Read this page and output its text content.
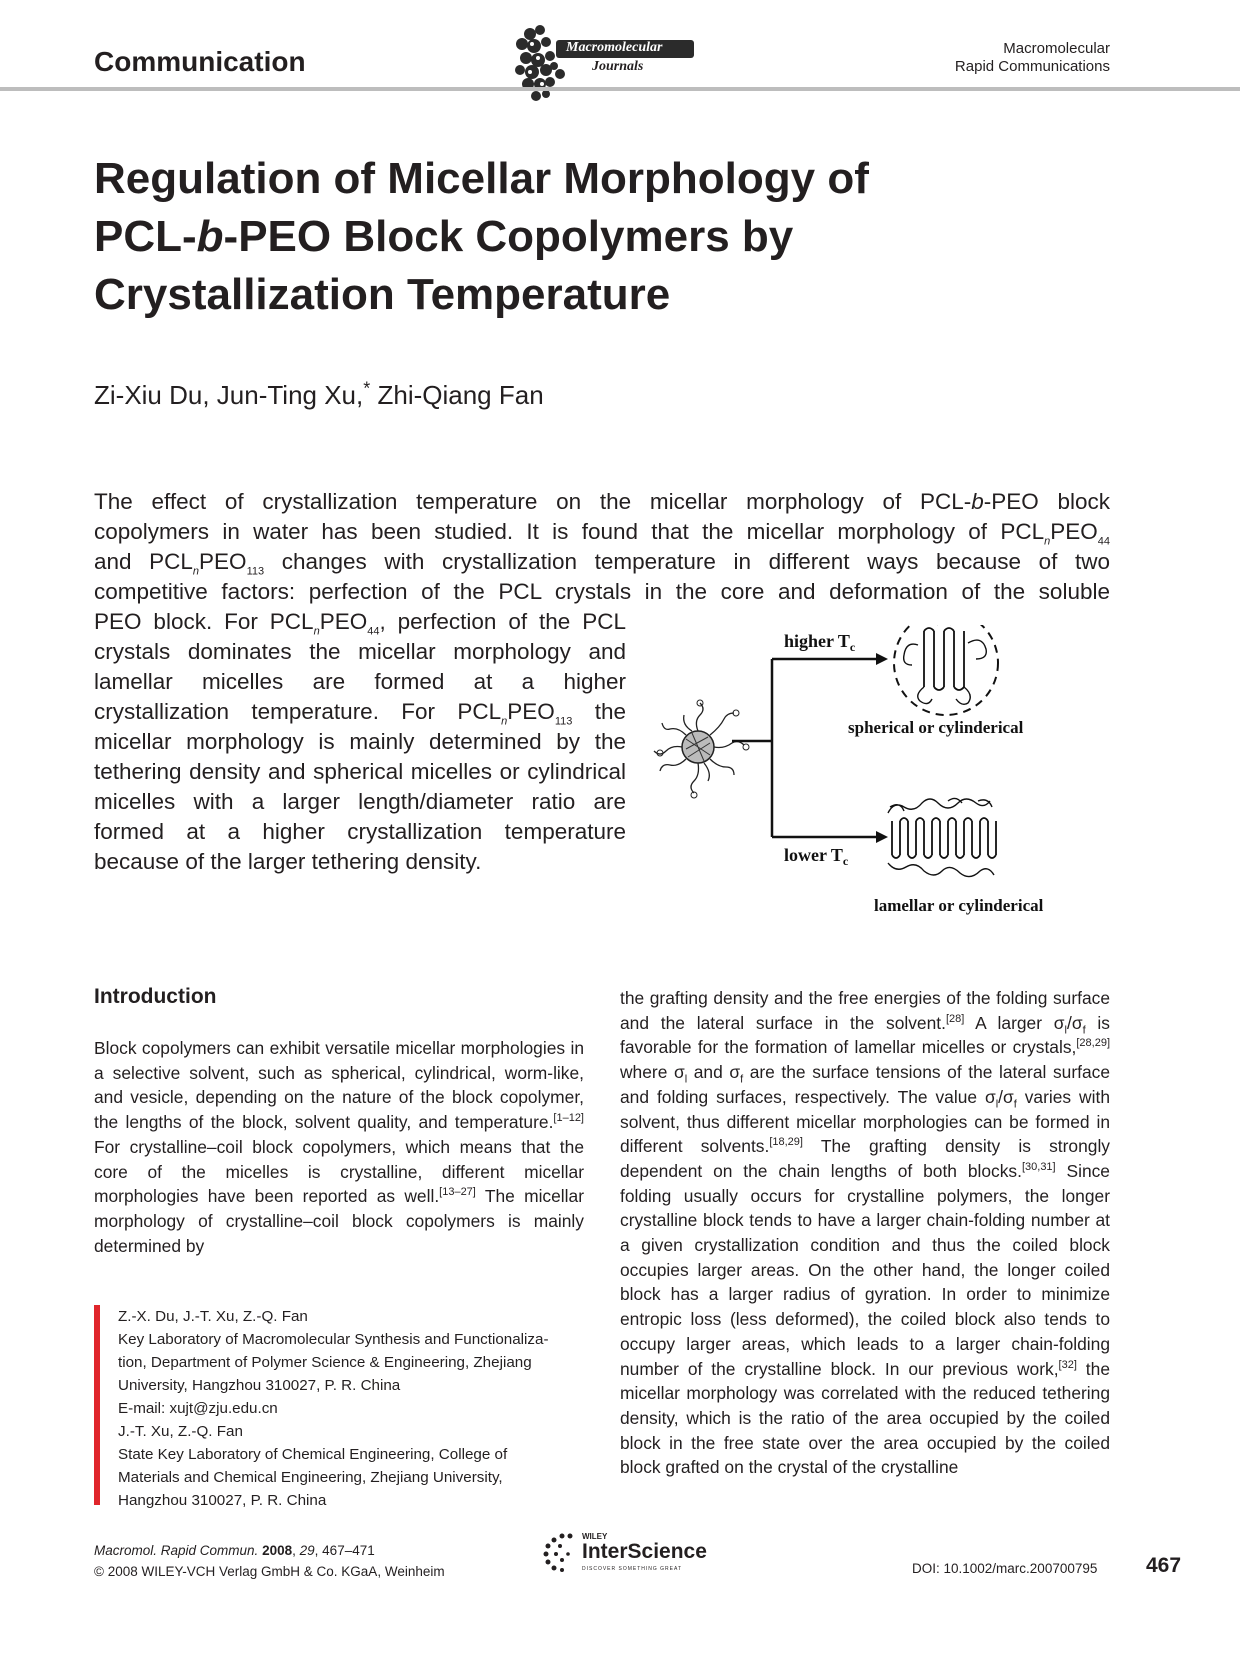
Communication	Macromolecular
Journals
Macromolecular
Rapid Communications
Regulation of Micellar Morphology of
PCL-b-PEO Block Copolymers by
Crystallization Temperature
Zi-Xiu Du, Jun-Ting Xu,* Zhi-Qiang Fan

The effect of crystallization temperature on the micellar morphology of PCL-b-PEO block

copolymers in water has been studied. It is found that the micellar morphology of $PCL_nPEO_{44}$

and $PCL_nPEO_{113}$ changes with crystallization temperature in different ways because of two

competitive factors: perfection of the PCL crystals in the core and deformation of the soluble

PEO block. For $PCL_nPEO_{44}$, perfection of the PCL crystals dominates the micellar morphology and lamellar micelles are formed at a higher crystallization temperature. For $PCL_nPEO_{113}$ the micellar morphology is mainly determined by the tethering density and spherical micelles or cylindrical micelles with a larger length/diameter ratio are formed at a higher crystallization temperature because of the larger tethering density.
higher $T_c$
lower $T_c$
spherical or cylinderical
lamellar or cylinderical
Introduction

Block copolymers can exhibit versatile micellar morphologies in a selective solvent, such as spherical, cylindrical, worm-like, and vesicle, depending on the nature of the block copolymer, the lengths of the block, solvent quality, and temperature.[1–12] For crystalline–coil block copolymers, which means that the core of the micelles is crystalline, different micellar morphologies have been reported as well.[13–27] The micellar morphology of crystalline–coil block copolymers is mainly determined by

the grafting density and the free energies of the folding surface and the lateral surface in the solvent.[28] A larger $\sigma_l/\sigma_f$ is favorable for the formation of lamellar micelles or crystals,[28,29] where $\sigma_l$ and $\sigma_f$ are the surface tensions of the lateral surface and folding surfaces, respectively. The value $\sigma_l/\sigma_f$ varies with solvent, thus different micellar morphologies can be formed in different solvents.[18,29] The grafting density is strongly dependent on the chain lengths of both blocks.[30,31] Since folding usually occurs for crystalline polymers, the longer crystalline block tends to have a larger chain-folding number at a given crystallization condition and thus the coiled block occupies larger areas. On the other hand, the longer coiled block has a larger radius of gyration. In order to minimize entropic loss (less deformed), the coiled block also tends to occupy larger areas, which leads to a larger chain-folding number of the crystalline block. In our previous work,[32] the micellar morphology was correlated with the reduced tethering density, which is the ratio of the area occupied by the coiled block in the free state over the area occupied by the coiled block grafted on the crystal of the crystalline

Z.-X. Du, J.-T. Xu, Z.-Q. Fan
Key Laboratory of Macromolecular Synthesis and Functionaliza-
tion, Department of Polymer Science & Engineering, Zhejiang
University, Hangzhou 310027, P. R. China
E-mail: xujt@zju.edu.cn
J.-T. Xu, Z.-Q. Fan
State Key Laboratory of Chemical Engineering, College of
Materials and Chemical Engineering, Zhejiang University,
Hangzhou 310027, P. R. China
Macromol. Rapid Commun. 2008, 29, 467–471
© 2008 WILEY-VCH Verlag GmbH & Co. KGaA, Weinheim
WILEY
InterScience
DISCOVER SOMETHING GREAT	DOI: 10.1002/marc.200700795 467
